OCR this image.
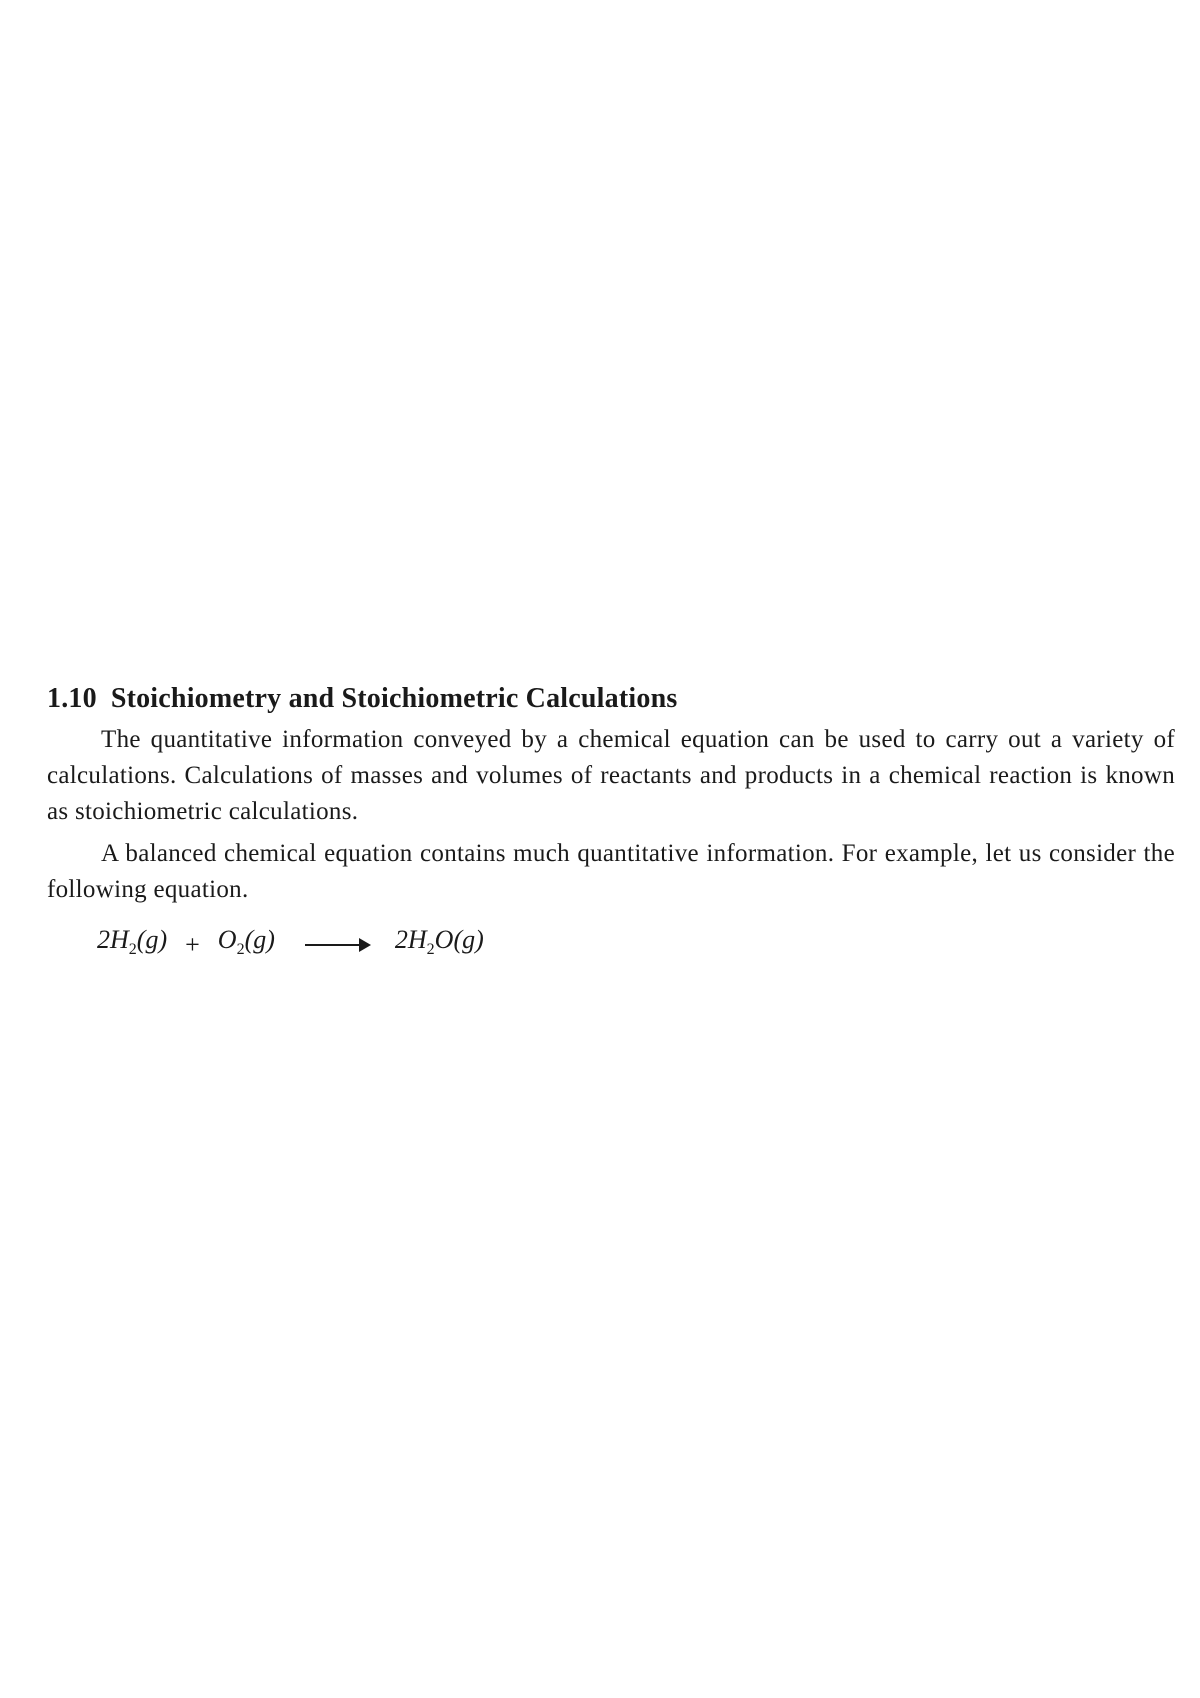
1.10 Stoichiometry and Stoichiometric Calculations

The quantitative information conveyed by a chemical equation can be used to carry out a variety of calculations. Calculations of masses and volumes of reactants and products in a chemical reaction is known as stoichiometric calculations.

A balanced chemical equation contains much quantitative information. For example, let us consider the following equation.

$2H_2(g) + O_2(g) \to 2H_2O(g)$
